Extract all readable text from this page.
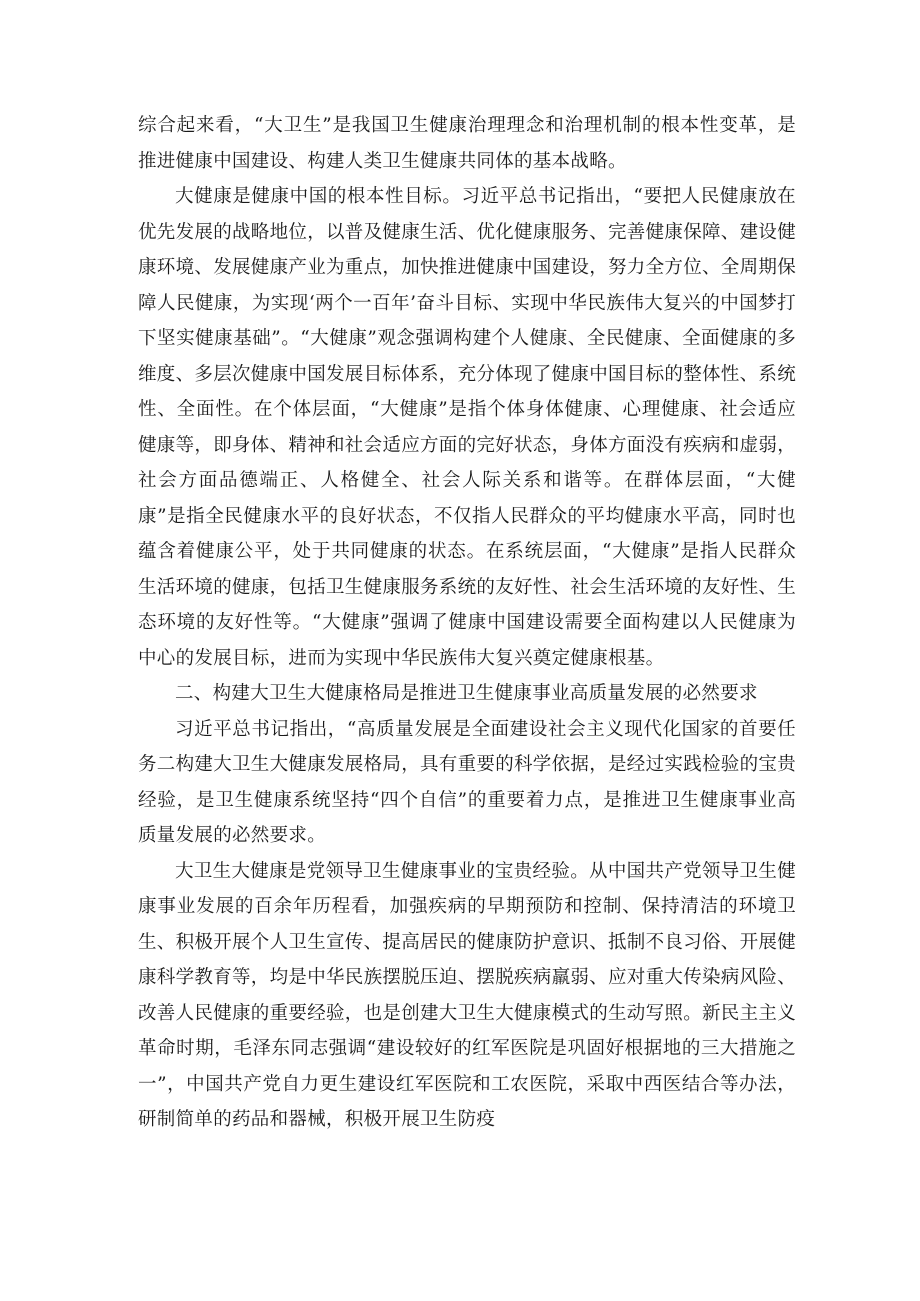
综合起来看，“大卫生”是我国卫生健康治理理念和治理机制的根本性变革，是推进健康中国建设、构建人类卫生健康共同体的基本战略。

大健康是健康中国的根本性目标。习近平总书记指出，“要把人民健康放在优先发展的战略地位，以普及健康生活、优化健康服务、完善健康保障、建设健康环境、发展健康产业为重点，加快推进健康中国建设，努力全方位、全周期保障人民健康，为实现‘两个一百年’奋斗目标、实现中华民族伟大复兴的中国梦打下坚实健康基础”。“大健康”观念强调构建个人健康、全民健康、全面健康的多维度、多层次健康中国发展目标体系，充分体现了健康中国目标的整体性、系统性、全面性。在个体层面，“大健康”是指个体身体健康、心理健康、社会适应健康等，即身体、精神和社会适应方面的完好状态，身体方面没有疾病和虚弱，社会方面品德端正、人格健全、社会人际关系和谐等。在群体层面，“大健康”是指全民健康水平的良好状态，不仅指人民群众的平均健康水平高，同时也蕴含着健康公平，处于共同健康的状态。在系统层面，“大健康”是指人民群众生活环境的健康，包括卫生健康服务系统的友好性、社会生活环境的友好性、生态环境的友好性等。“大健康”强调了健康中国建设需要全面构建以人民健康为中心的发展目标，进而为实现中华民族伟大复兴奠定健康根基。

二、构建大卫生大健康格局是推进卫生健康事业高质量发展的必然要求

习近平总书记指出，“高质量发展是全面建设社会主义现代化国家的首要任务二构建大卫生大健康发展格局，具有重要的科学依据，是经过实践检验的宝贵经验，是卫生健康系统坚持“四个自信”的重要着力点，是推进卫生健康事业高质量发展的必然要求。

大卫生大健康是党领导卫生健康事业的宝贵经验。从中国共产党领导卫生健康事业发展的百余年历程看，加强疾病的早期预防和控制、保持清洁的环境卫生、积极开展个人卫生宣传、提高居民的健康防护意识、抵制不良习俗、开展健康科学教育等，均是中华民族摆脱压迫、摆脱疾病羸弱、应对重大传染病风险、改善人民健康的重要经验，也是创建大卫生大健康模式的生动写照。新民主主义革命时期，毛泽东同志强调“建设较好的红军医院是巩固好根据地的三大措施之一”，中国共产党自力更生建设红军医院和工农医院，采取中西医结合等办法，研制简单的药品和器械，积极开展卫生防疫
